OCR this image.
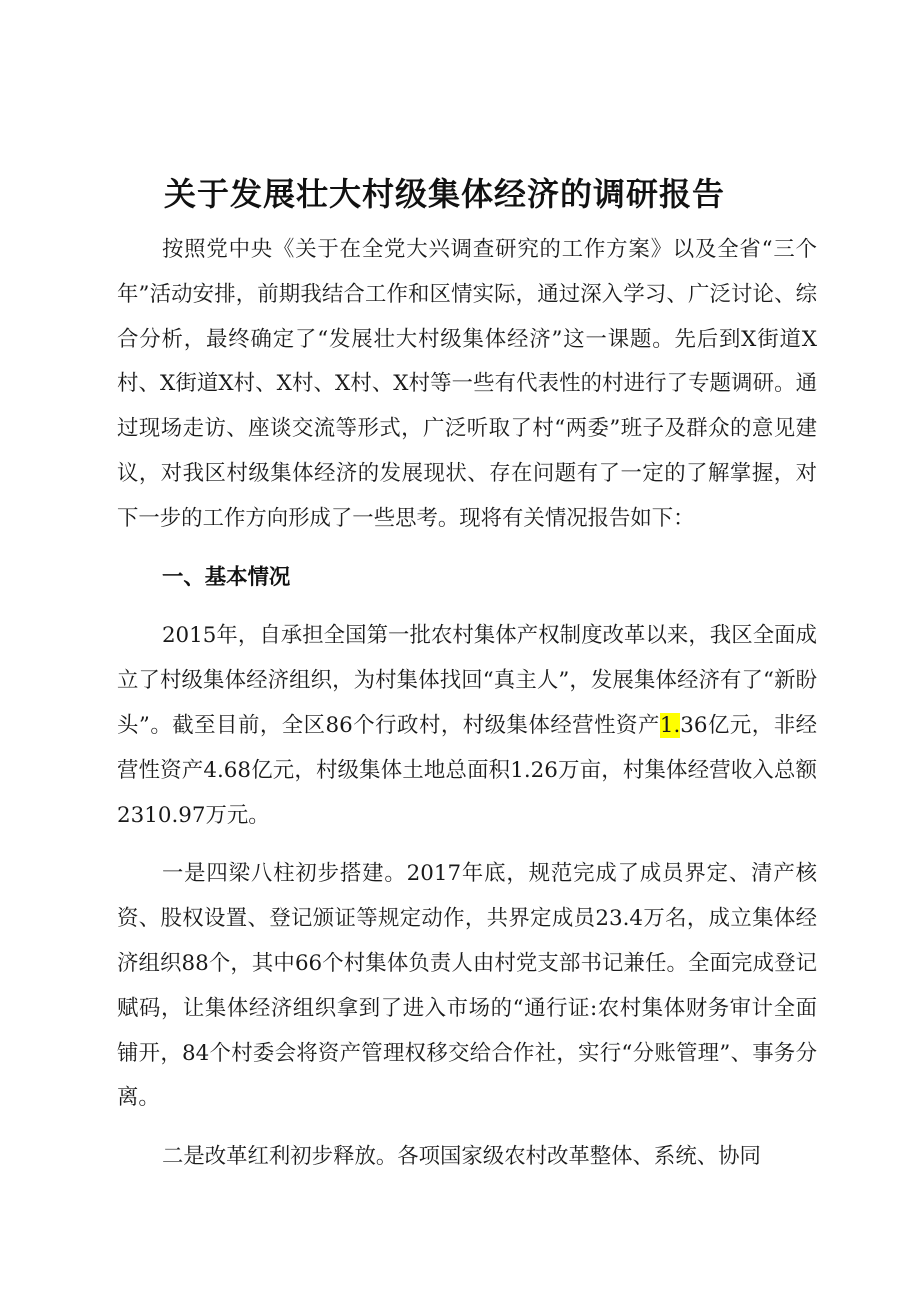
关于发展壮大村级集体经济的调研报告

按照党中央《关于在全党大兴调查研究的工作方案》以及全省“三个年”活动安排，前期我结合工作和区情实际，通过深入学习、广泛讨论、综合分析，最终确定了“发展壮大村级集体经济”这一课题。先后到X街道X村、X街道X村、X村、X村、X村等一些有代表性的村进行了专题调研。通过现场走访、座谈交流等形式，广泛听取了村“两委”班子及群众的意见建议，对我区村级集体经济的发展现状、存在问题有了一定的了解掌握，对下一步的工作方向形成了一些思考。现将有关情况报告如下：

一、基本情况

2015年，自承担全国第一批农村集体产权制度改革以来，我区全面成立了村级集体经济组织，为村集体找回“真主人”，发展集体经济有了“新盼头”。截至目前，全区86个行政村，村级集体经营性资产1.36亿元，非经营性资产4.68亿元，村级集体土地总面积1.26万亩，村集体经营收入总额2310.97万元。

一是四梁八柱初步搭建。2017年底，规范完成了成员界定、清产核资、股权设置、登记颁证等规定动作，共界定成员23.4万名，成立集体经济组织88个，其中66个村集体负责人由村党支部书记兼任。全面完成登记赋码，让集体经济组织拿到了进入市场的“通行证:农村集体财务审计全面铺开，84个村委会将资产管理权移交给合作社，实行“分账管理”、事务分离。

二是改革红利初步释放。各项国家级农村改革整体、系统、协同
